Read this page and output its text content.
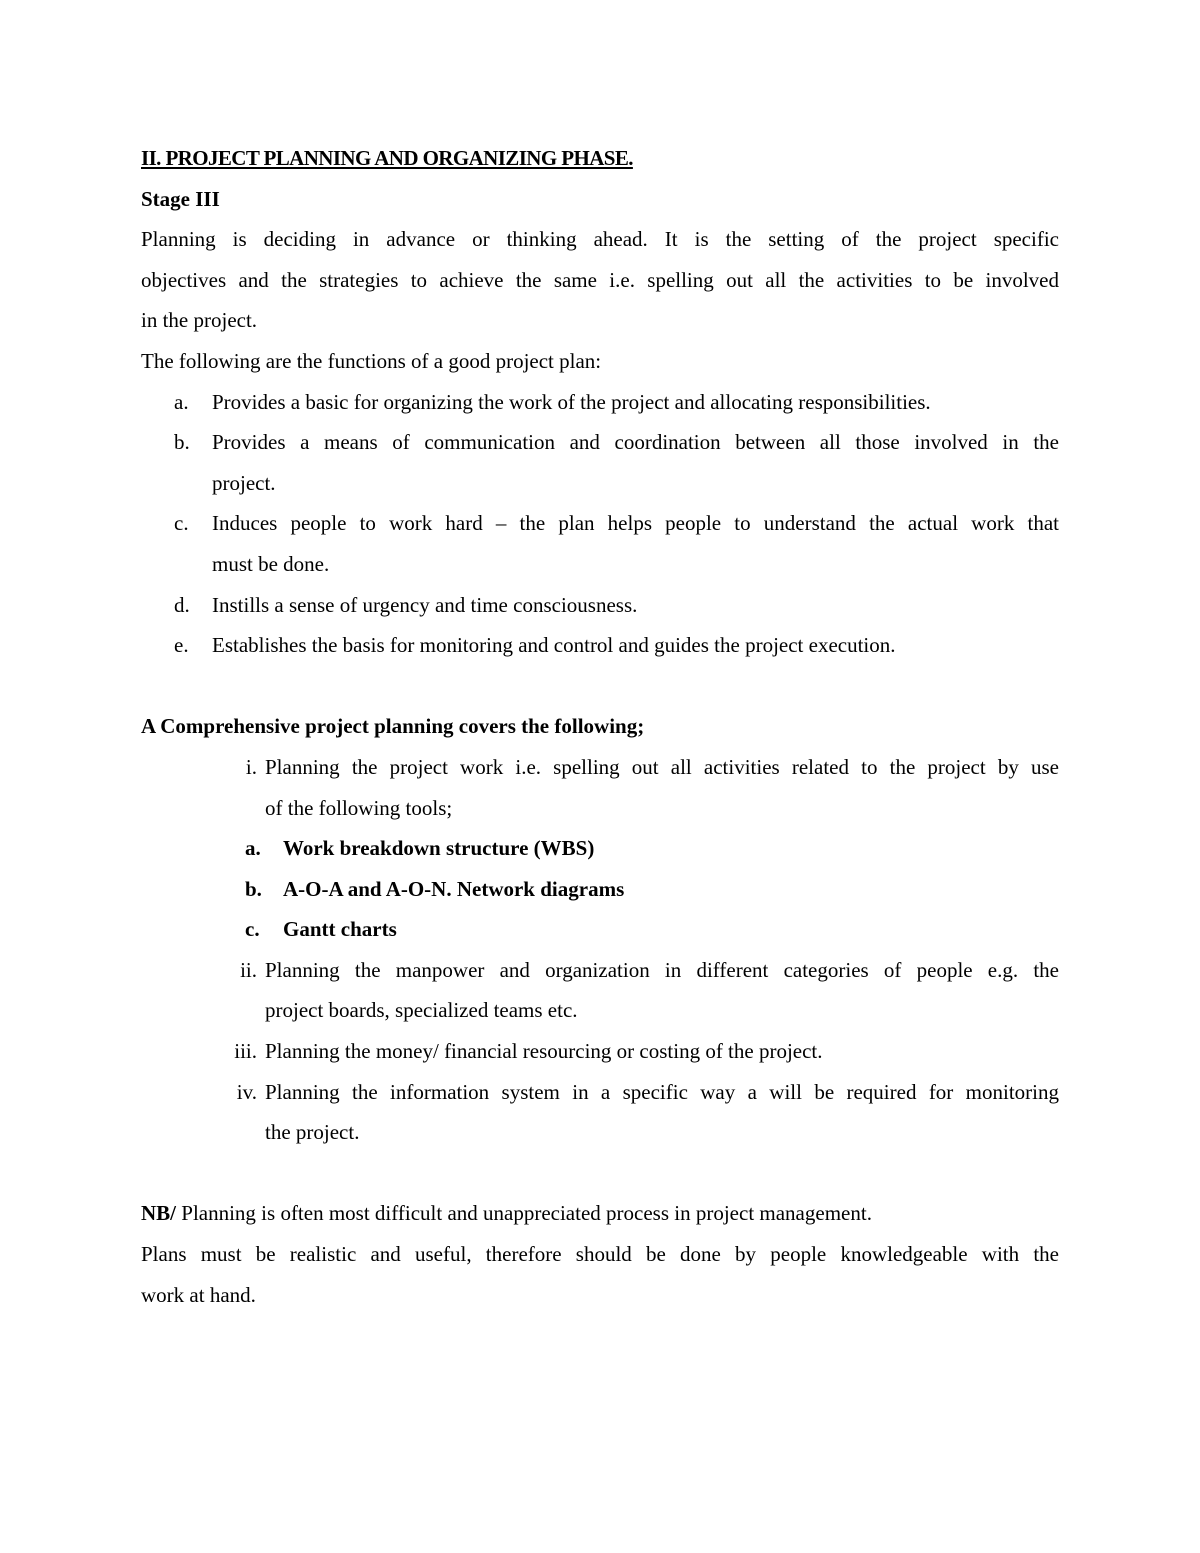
II. PROJECT PLANNING AND ORGANIZING PHASE.
Stage III
Planning is deciding in advance or thinking ahead. It is the setting of the project specific
objectives and the strategies to achieve the same i.e. spelling out all the activities to be involved
in the project.
The following are the functions of a good project plan:
a.	Provides a basic for organizing the work of the project and allocating responsibilities.
b.	Provides a means of communication and coordination between all those involved in the
project.
c.	Induces people to work hard – the plan helps people to understand the actual work that
must be done.
d.	Instills a sense of urgency and time consciousness.
e.	Establishes the basis for monitoring and control and guides the project execution.
A Comprehensive project planning covers the following;
i. Planning the project work i.e. spelling out all activities related to the project by use
of the following tools;
a. Work breakdown structure (WBS)
b. A-O-A and A-O-N. Network diagrams
c. Gantt charts
ii. Planning the manpower and organization in different categories of people e.g. the
project boards, specialized teams etc.
iii. Planning the money/ financial resourcing or costing of the project.
iv. Planning the information system in a specific way a will be required for monitoring
the project.
NB/ Planning is often most difficult and unappreciated process in project management.
Plans must be realistic and useful, therefore should be done by people knowledgeable with the
work at hand.
